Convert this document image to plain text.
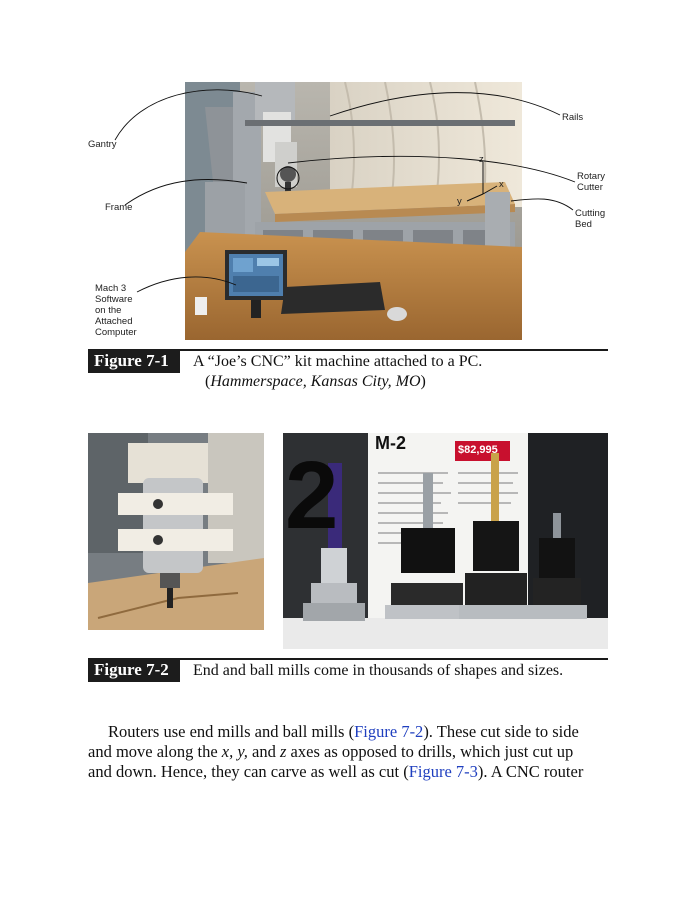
z
x
y
Gantry
Frame
Mach 3
Software
on the
Attached
Computer
Rails
Rotary
Cutter
Cutting
Bed
Figure 7-1	A “Joe’s CNC” kit machine attached to a PC.
(Hammerspace, Kansas City, MO)
2 M-2	$82,995
Figure 7-2	End and ball mills come in thousands of shapes and sizes.
Routers use end mills and ball mills (Figure 7-2). These cut side to side
and move along the x, y, and z axes as opposed to drills, which just cut up
and down. Hence, they can carve as well as cut (Figure 7-3). A CNC router
